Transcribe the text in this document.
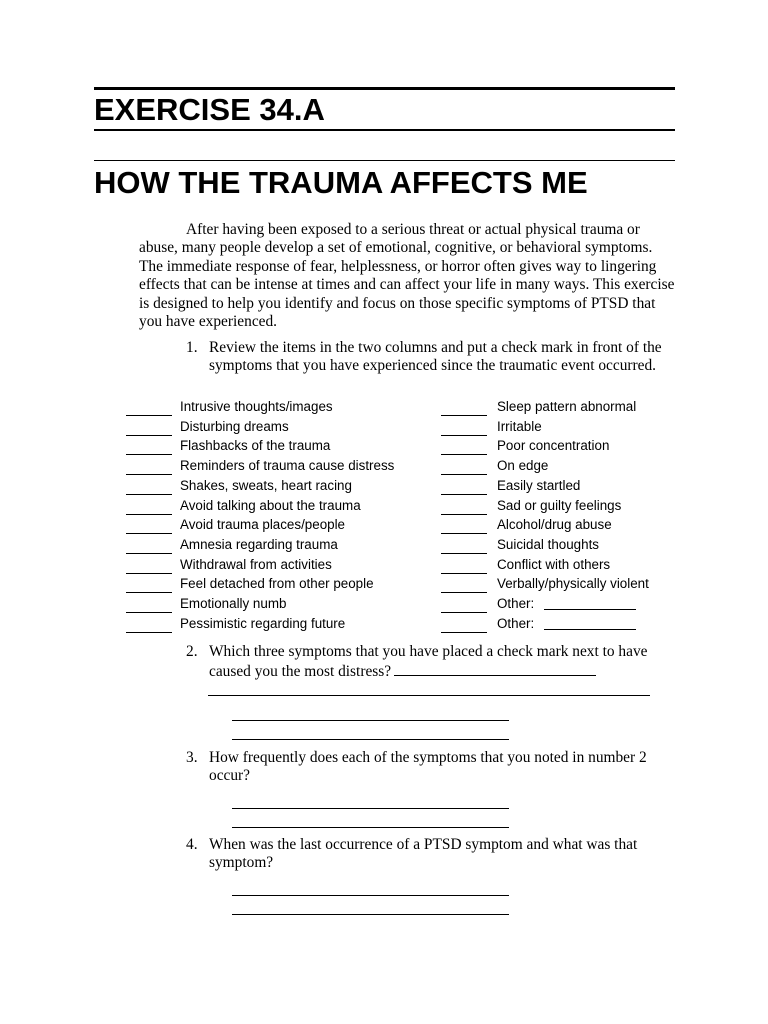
EXERCISE 34.A
HOW THE TRAUMA AFFECTS ME

After having been exposed to a serious threat or actual physical trauma or abuse, many people develop a set of emotional, cognitive, or behavioral symptoms. The immediate response of fear, helplessness, or horror often gives way to lingering effects that can be intense at times and can affect your life in many ways. This exercise is designed to help you identify and focus on those specific symptoms of PTSD that you have experienced.

1. Review the items in the two columns and put a check mark in front of the symptoms that you have experienced since the traumatic event occurred.
Intrusive thoughts/images
Disturbing dreams
Flashbacks of the trauma
Reminders of trauma cause distress
Shakes, sweats, heart racing
Avoid talking about the trauma
Avoid trauma places/people
Amnesia regarding trauma
Withdrawal from activities
Feel detached from other people
Emotionally numb
Pessimistic regarding future
Sleep pattern abnormal
Irritable
Poor concentration
On edge
Easily startled
Sad or guilty feelings
Alcohol/drug abuse
Suicidal thoughts
Conflict with others
Verbally/physically violent
Other:
Other:
2. Which three symptoms that you have placed a check mark next to have caused you the most distress?
3. How frequently does each of the symptoms that you noted in number 2 occur?
4. When was the last occurrence of a PTSD symptom and what was that symptom?
